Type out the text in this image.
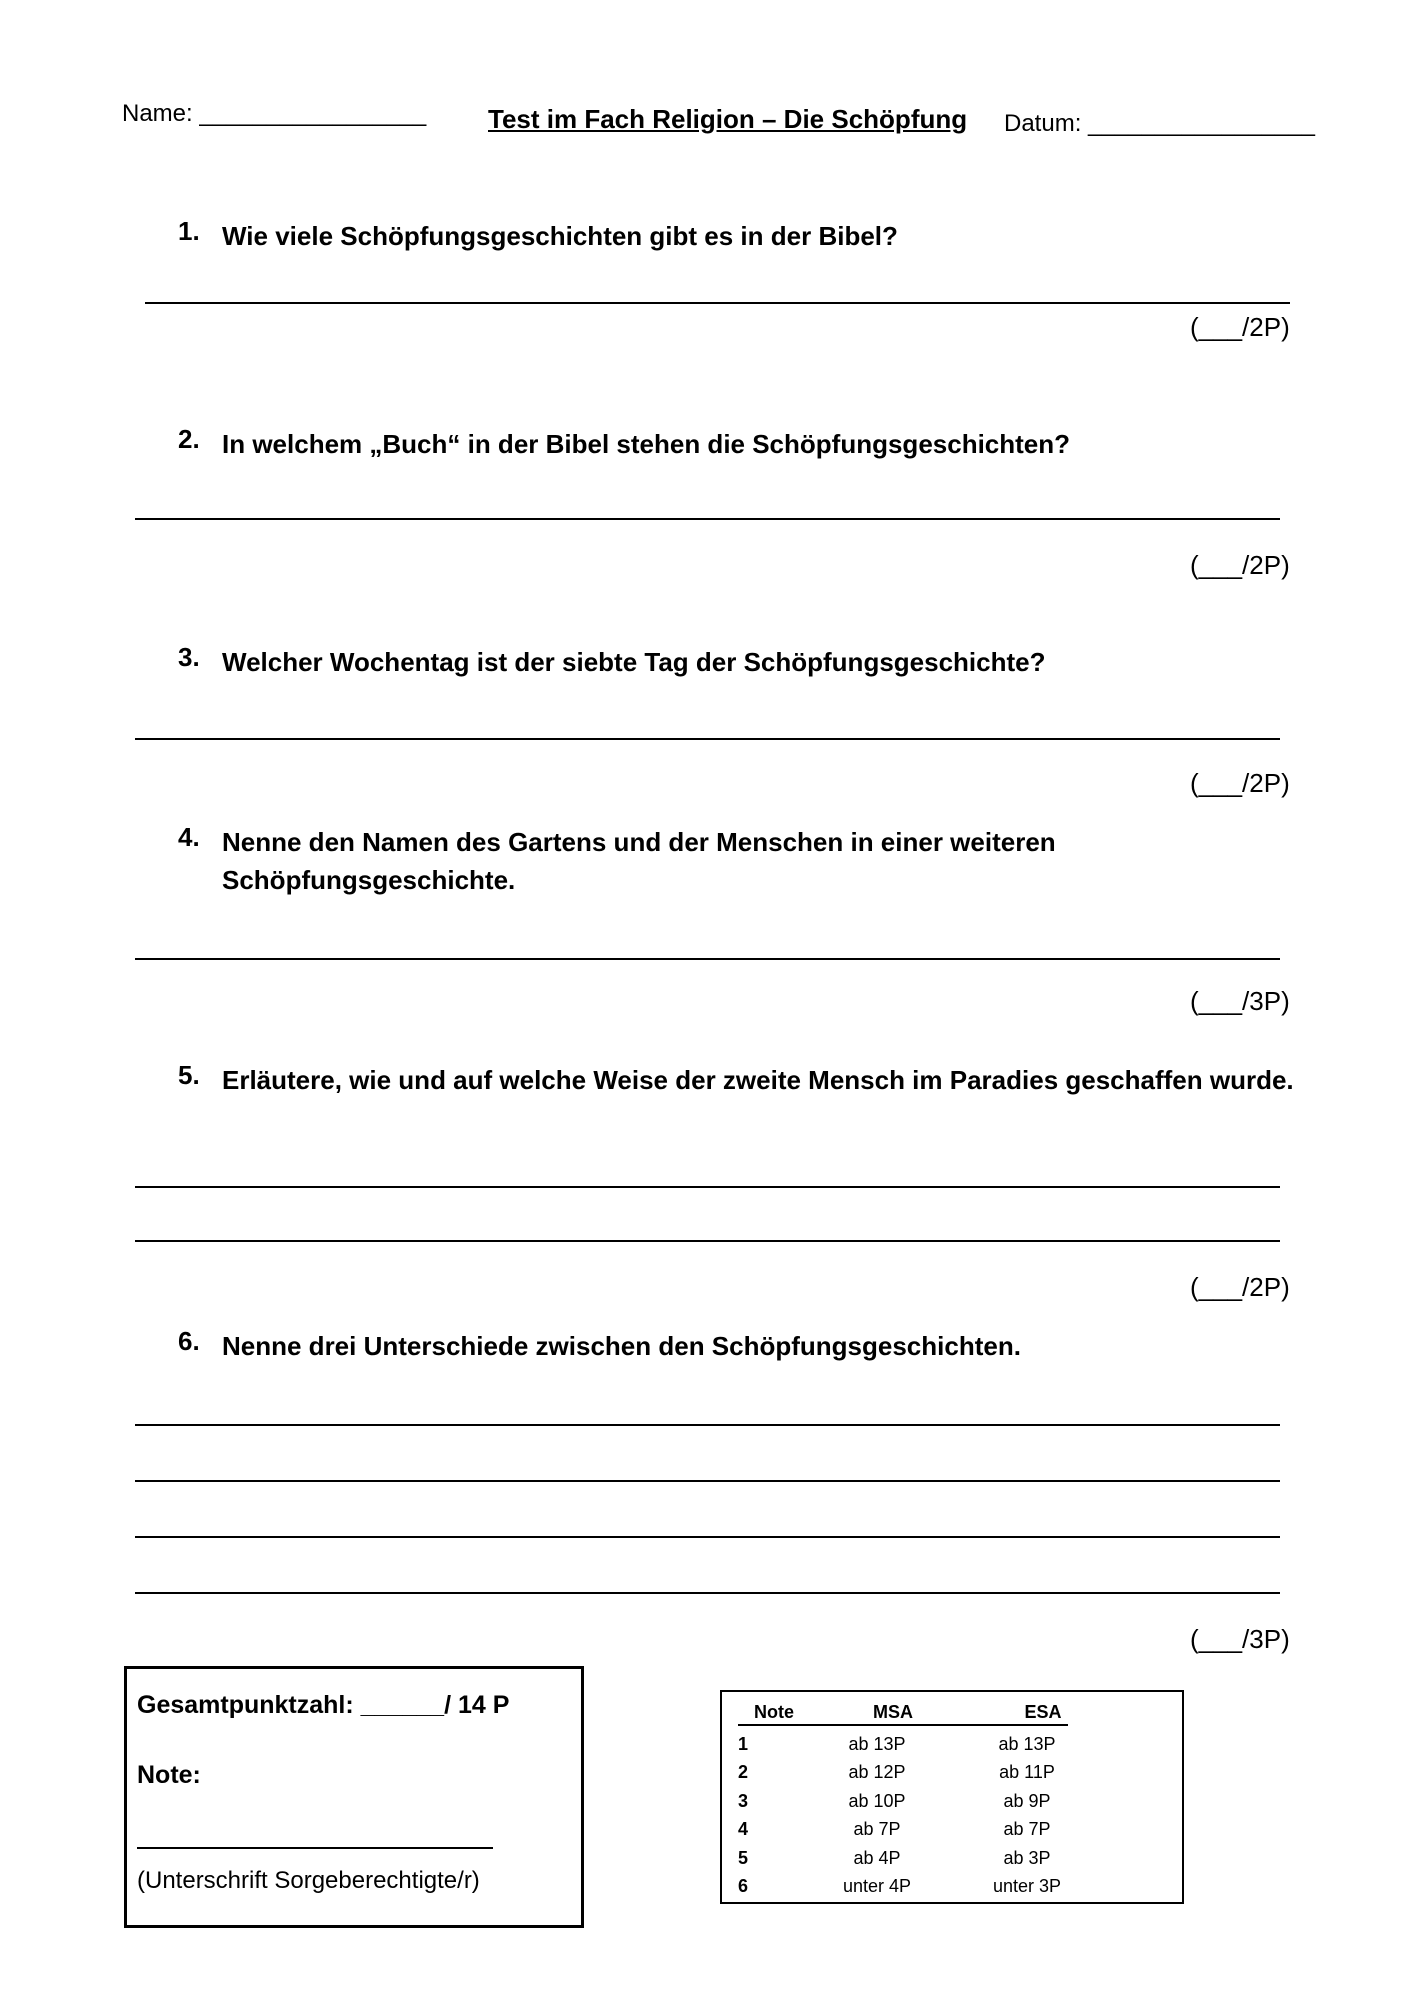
Name: _________________ Test im Fach Religion – Die Schöpfung Datum: _________________
1. Wie viele Schöpfungsgeschichten gibt es in der Bibel?
(___/2P)
2. In welchem „Buch“ in der Bibel stehen die Schöpfungsgeschichten?
(___/2P)
3. Welcher Wochentag ist der siebte Tag der Schöpfungsgeschichte?
(___/2P)
4. Nenne den Namen des Gartens und der Menschen in einer weiteren
Schöpfungsgeschichte.
(___/3P)
5. Erläutere, wie und auf welche Weise der zweite Mensch im Paradies geschaffen wurde.
(___/2P)
6. Nenne drei Unterschiede zwischen den Schöpfungsgeschichten.
(___/3P)
Gesamtpunktzahl: ______/ 14 P
Note:
(Unterschrift Sorgeberechtigte/r)
Note	MSA	ESA
1	ab 13P	ab 13P
2	ab 12P	ab 11P
3	ab 10P	ab 9P
4	ab 7P	ab 7P
5	ab 4P	ab 3P
6	unter 4P	unter 3P
